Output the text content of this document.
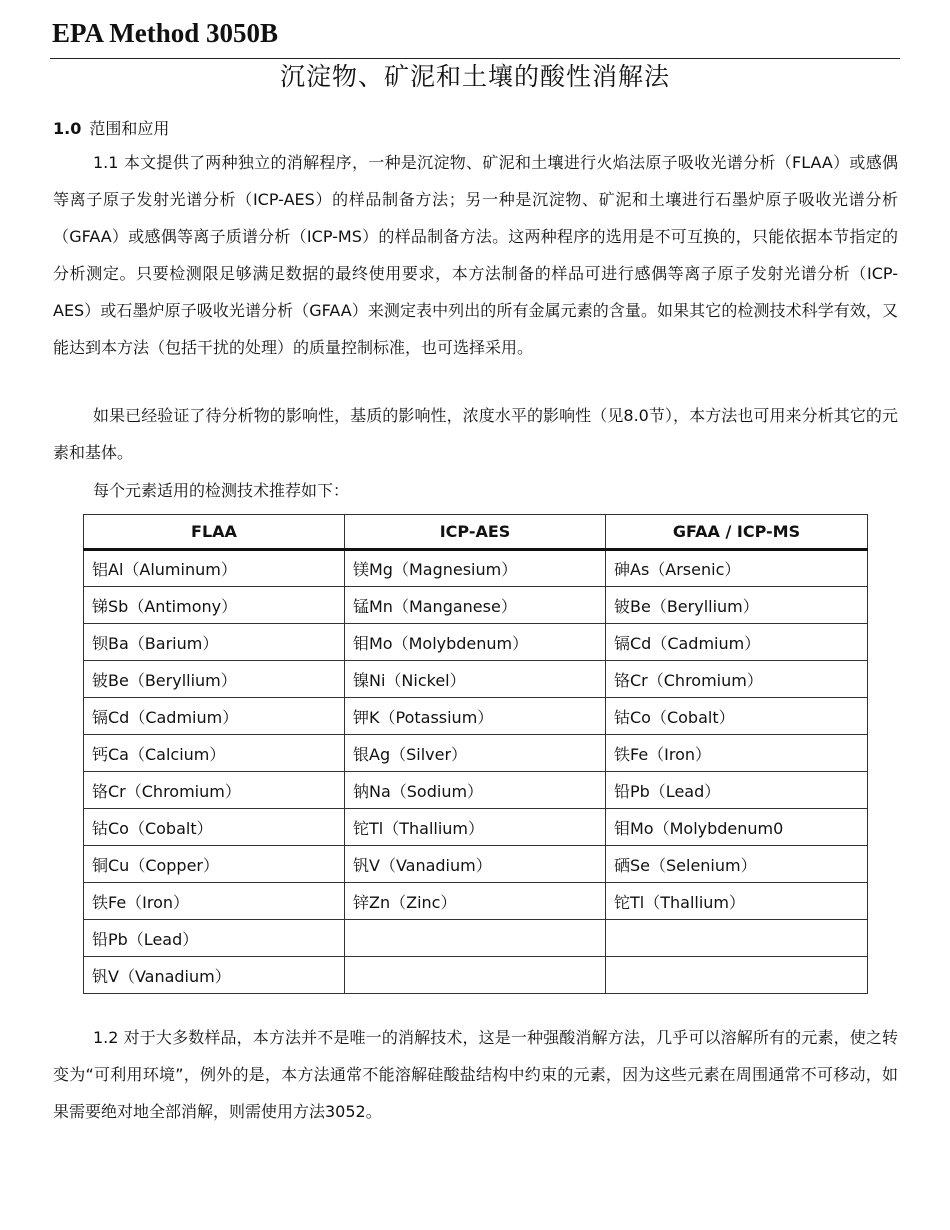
EPA Method 3050B
沉淀物、矿泥和土壤的酸性消解法
1.0 范围和应用

1.1 本文提供了两种独立的消解程序，一种是沉淀物、矿泥和土壤进行火焰法原子吸收光谱分析（FLAA）或感偶等离子原子发射光谱分析（ICP-AES）的样品制备方法；另一种是沉淀物、矿泥和土壤进行石墨炉原子吸收光谱分析（GFAA）或感偶等离子质谱分析（ICP-MS）的样品制备方法。这两种程序的选用是不可互换的，只能依据本节指定的分析测定。只要检测限足够满足数据的最终使用要求，本方法制备的样品可进行感偶等离子原子发射光谱分析（ICP-AES）或石墨炉原子吸收光谱分析（GFAA）来测定表中列出的所有金属元素的含量。如果其它的检测技术科学有效，又能达到本方法（包括干扰的处理）的质量控制标准，也可选择采用。

如果已经验证了待分析物的影响性，基质的影响性，浓度水平的影响性（见8.0节），本方法也可用来分析其它的元素和基体。

每个元素适用的检测技术推荐如下：

FLAA	ICP-AES	GFAA / ICP-MS
铝Al（Aluminum）	镁Mg（Magnesium）	砷As（Arsenic）
锑Sb（Antimony）	锰Mn（Manganese）	铍Be（Beryllium）
钡Ba（Barium）	钼Mo（Molybdenum）	镉Cd（Cadmium）
铍Be（Beryllium）	镍Ni（Nickel）	铬Cr（Chromium）
镉Cd（Cadmium）	钾K（Potassium）	钴Co（Cobalt）
钙Ca（Calcium）	银Ag（Silver）	铁Fe（Iron）
铬Cr（Chromium）	钠Na（Sodium）	铅Pb（Lead）
钴Co（Cobalt）	铊Tl（Thallium）	钼Mo（Molybdenum0
铜Cu（Copper）	钒V（Vanadium）	硒Se（Selenium）
铁Fe（Iron）	锌Zn（Zinc）	铊Tl（Thallium）
铅Pb（Lead）		
钒V（Vanadium）		

1.2 对于大多数样品，本方法并不是唯一的消解技术，这是一种强酸消解方法，几乎可以溶解所有的元素，使之转变为“可利用环境”，例外的是，本方法通常不能溶解硅酸盐结构中约束的元素，因为这些元素在周围通常不可移动，如果需要绝对地全部消解，则需使用方法3052。
